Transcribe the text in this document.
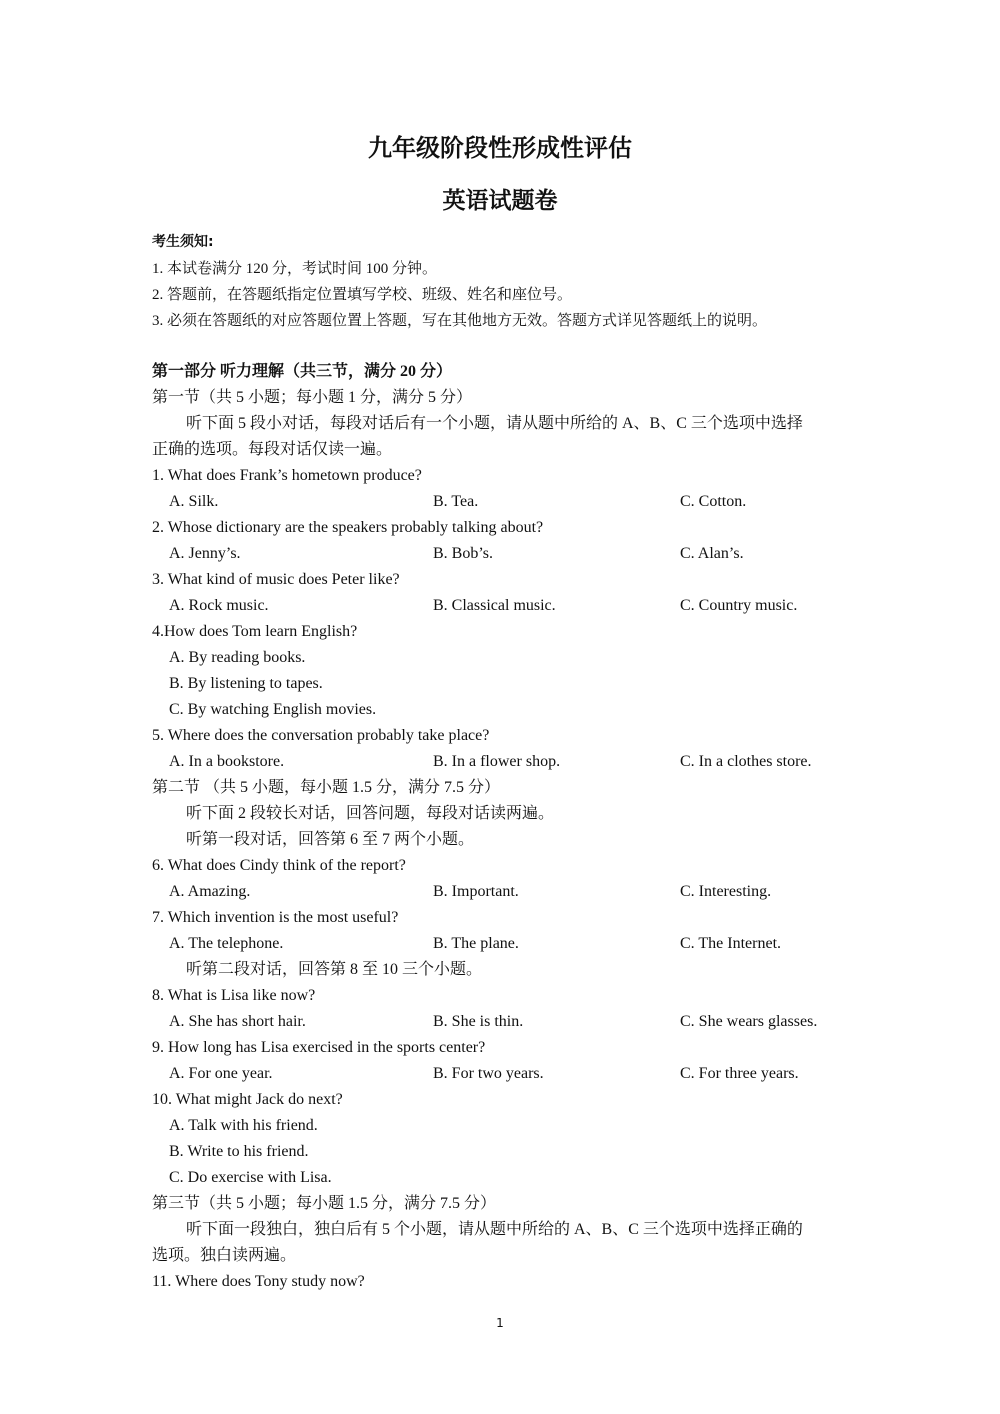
九年级阶段性形成性评估
英语试题卷
考生须知:
1. 本试卷满分 120 分，考试时间 100 分钟。
2. 答题前，在答题纸指定位置填写学校、班级、姓名和座位号。
3. 必须在答题纸的对应答题位置上答题，写在其他地方无效。答题方式详见答题纸上的说明。
第一部分 听力理解（共三节，满分 20 分）
第一节（共 5 小题；每小题 1 分，满分 5 分）
听下面 5 段小对话，每段对话后有一个小题，请从题中所给的 A、B、C 三个选项中选择
正确的选项。每段对话仅读一遍。
1. What does Frank’s hometown produce?
A. Silk.	B. Tea.	C. Cotton.
2. Whose dictionary are the speakers probably talking about?
A. Jenny’s.	B. Bob’s.	C. Alan’s.
3. What kind of music does Peter like?
A. Rock music.	B. Classical music.	C. Country music.
4.How does Tom learn English?
A. By reading books.
B. By listening to tapes.
C. By watching English movies.
5. Where does the conversation probably take place?
A. In a bookstore.	B. In a flower shop.	C. In a clothes store.
第二节 （共 5 小题，每小题 1.5 分，满分 7.5 分）
听下面 2 段较长对话，回答问题，每段对话读两遍。
听第一段对话，回答第 6 至 7 两个小题。
6. What does Cindy think of the report?
A. Amazing.	B. Important.	C. Interesting.
7. Which invention is the most useful?
A. The telephone.	B. The plane.	C. The Internet.
听第二段对话，回答第 8 至 10 三个小题。
8. What is Lisa like now?
A. She has short hair.	B. She is thin.	C. She wears glasses.
9. How long has Lisa exercised in the sports center?
A. For one year.	B. For two years.	C. For three years.
10. What might Jack do next?
A. Talk with his friend.
B. Write to his friend.
C. Do exercise with Lisa.
第三节（共 5 小题；每小题 1.5 分，满分 7.5 分）
听下面一段独白，独白后有 5 个小题，请从题中所给的 A、B、C 三个选项中选择正确的
选项。独白读两遍。
11. Where does Tony study now?
1
